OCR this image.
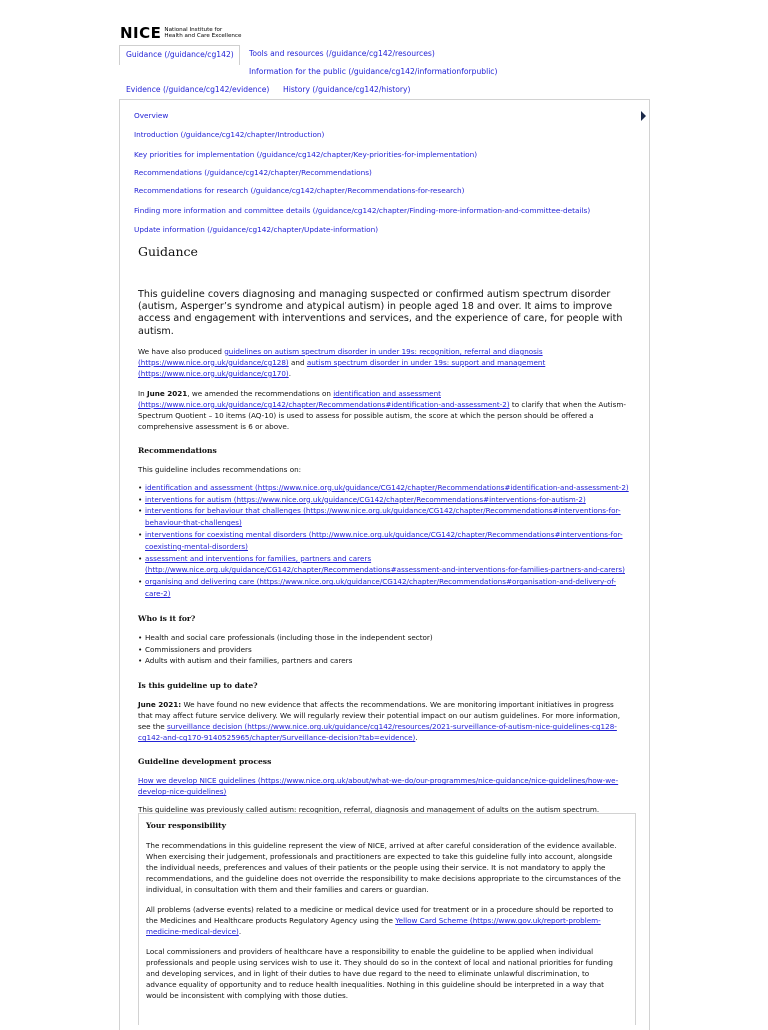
NICE National Institute for
Health and Care Excellence
Guidance (/guidance/cg142)	Tools and resources (/guidance/cg142/resources)
Information for the public (/guidance/cg142/informationforpublic)
Evidence (/guidance/cg142/evidence) History (/guidance/cg142/history)
Overview
Introduction (/guidance/cg142/chapter/Introduction)
Key priorities for implementation (/guidance/cg142/chapter/Key-priorities-for-implementation)
Recommendations (/guidance/cg142/chapter/Recommendations)
Recommendations for research (/guidance/cg142/chapter/Recommendations-for-research)
Finding more information and committee details (/guidance/cg142/chapter/Finding-more-information-and-committee-details)
Update information (/guidance/cg142/chapter/Update-information)
Guidance

This guideline covers diagnosing and managing suspected or confirmed autism spectrum disorder (autism, Asperger’s syndrome and atypical autism) in people aged 18 and over. It aims to improve access and engagement with interventions and services, and the experience of care, for people with autism.

We have also produced guidelines on autism spectrum disorder in under 19s: recognition, referral and diagnosis (https://www.nice.org.uk/guidance/cg128) and autism spectrum disorder in under 19s: support and management (https://www.nice.org.uk/guidance/cg170).

In June 2021, we amended the recommendations on identification and assessment (https://www.nice.org.uk/guidance/cg142/chapter/Recommendations#identification-and-assessment-2) to clarify that when the Autism-Spectrum Quotient – 10 items (AQ-10) is used to assess for possible autism, the score at which the person should be offered a comprehensive assessment is 6 or above.

Recommendations

This guideline includes recommendations on:

• identification and assessment (https://www.nice.org.uk/guidance/CG142/chapter/Recommendations#identification-and-assessment-2)
• interventions for autism (https://www.nice.org.uk/guidance/CG142/chapter/Recommendations#interventions-for-autism-2)
• interventions for behaviour that challenges (https://www.nice.org.uk/guidance/CG142/chapter/Recommendations#interventions-for-behaviour-that-challenges)
• interventions for coexisting mental disorders (http://www.nice.org.uk/guidance/CG142/chapter/Recommendations#interventions-for-coexisting-mental-disorders)
• assessment and interventions for families, partners and carers (http://www.nice.org.uk/guidance/CG142/chapter/Recommendations#assessment-and-interventions-for-families-partners-and-carers)
• organising and delivering care (https://www.nice.org.uk/guidance/CG142/chapter/Recommendations#organisation-and-delivery-of-care-2)
Who is it for?
• Health and social care professionals (including those in the independent sector)
• Commissioners and providers
• Adults with autism and their families, partners and carers
Is this guideline up to date?

June 2021: We have found no new evidence that affects the recommendations. We are monitoring important initiatives in progress that may affect future service delivery. We will regularly review their potential impact on our autism guidelines. For more information, see the surveillance decision (https://www.nice.org.uk/guidance/cg142/resources/2021-surveillance-of-autism-nice-guidelines-cg128-cg142-and-cg170-9140525965/chapter/Surveillance-decision?tab=evidence).

Guideline development process

How we develop NICE guidelines (https://www.nice.org.uk/about/what-we-do/our-programmes/nice-guidance/nice-guidelines/how-we-develop-nice-guidelines)

This guideline was previously called autism: recognition, referral, diagnosis and management of adults on the autism spectrum.

Your responsibility

The recommendations in this guideline represent the view of NICE, arrived at after careful consideration of the evidence available. When exercising their judgement, professionals and practitioners are expected to take this guideline fully into account, alongside the individual needs, preferences and values of their patients or the people using their service. It is not mandatory to apply the recommendations, and the guideline does not override the responsibility to make decisions appropriate to the circumstances of the individual, in consultation with them and their families and carers or guardian.

All problems (adverse events) related to a medicine or medical device used for treatment or in a procedure should be reported to the Medicines and Healthcare products Regulatory Agency using the Yellow Card Scheme (https://www.gov.uk/report-problem-medicine-medical-device).

Local commissioners and providers of healthcare have a responsibility to enable the guideline to be applied when individual professionals and people using services wish to use it. They should do so in the context of local and national priorities for funding and developing services, and in light of their duties to have due regard to the need to eliminate unlawful discrimination, to advance equality of opportunity and to reduce health inequalities. Nothing in this guideline should be interpreted in a way that would be inconsistent with complying with those duties.
